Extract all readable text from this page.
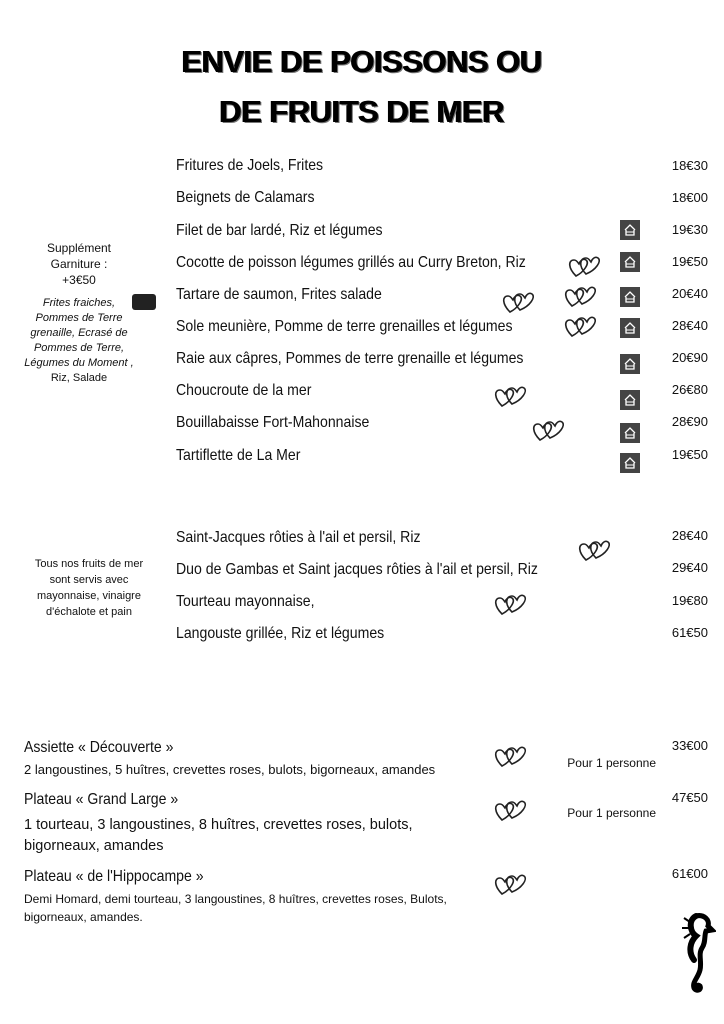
ENVIE DE POISSONS OU
DE FRUITS DE MER
Fritures de Joels, Frites	18€30
Beignets de Calamars	18€00
Filet de bar lardé, Riz et légumes	19€30
Cocotte de poisson légumes grillés au Curry Breton, Riz	19€50
Tartare de saumon, Frites salade	20€40
Sole meunière, Pomme de terre grenailles et légumes	28€40
Raie aux câpres, Pommes de terre grenaille et légumes	20€90
Choucroute de la mer	26€80
Bouillabaisse Fort-Mahonnaise	28€90
Tartiflette de La Mer	19€50
Supplément
Garniture :
+3€50
Frites fraiches,
Pommes de Terre
grenaille, Ecrasé de
Pommes de Terre,
Légumes du Moment ,
Riz, Salade
Saint-Jacques rôties à l'ail et persil, Riz	28€40
Duo de Gambas et Saint jacques rôties à l'ail et persil, Riz	29€40
Tourteau mayonnaise,	19€80
Langouste grillée, Riz et légumes	61€50
Tous nos fruits de mer
sont servis avec
mayonnaise, vinaigre
d'échalote et pain
Assiette « Découverte »
2 langoustines, 5 huîtres, crevettes roses, bulots, bigorneaux, amandes
33€00
Pour 1 personne
Plateau « Grand Large »
1 tourteau, 3 langoustines, 8 huîtres, crevettes roses, bulots, bigorneaux, amandes
47€50
Pour 1 personne
Plateau « de l'Hippocampe »
Demi Homard, demi tourteau, 3 langoustines, 8 huîtres, crevettes roses, Bulots, bigorneaux, amandes.
61€00
